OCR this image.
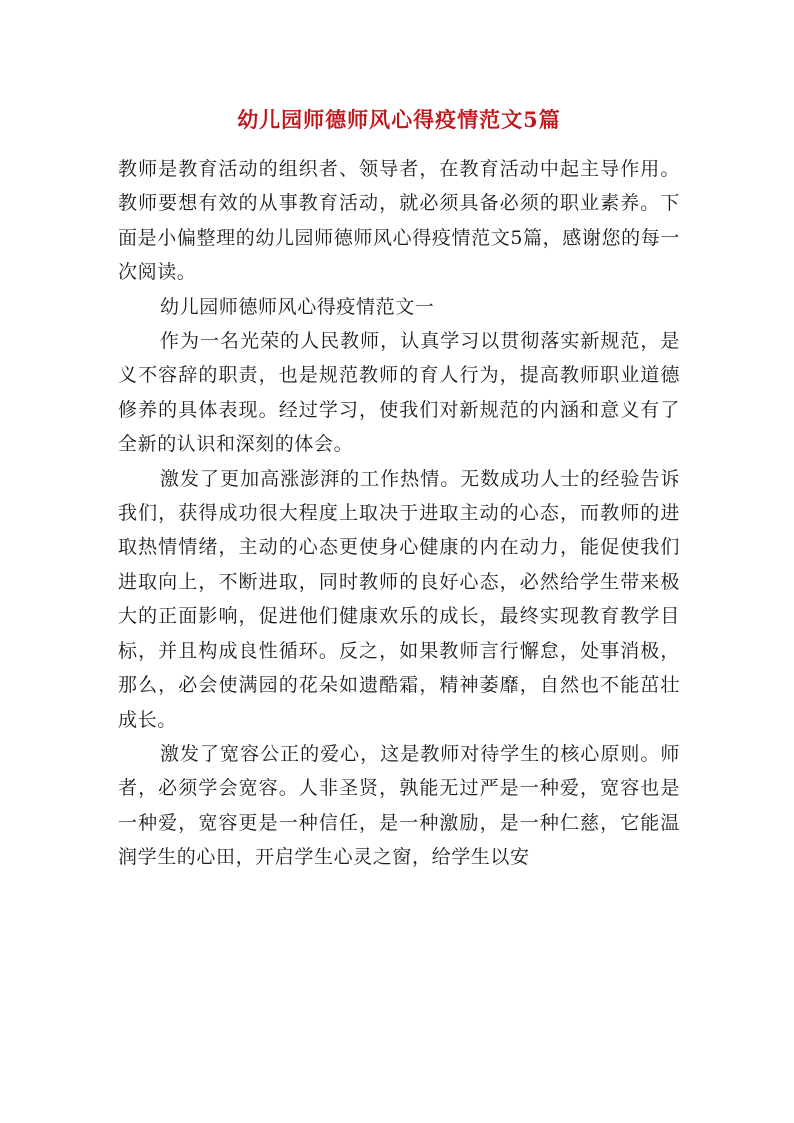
幼儿园师德师风心得疫情范文5篇

教师是教育活动的组织者、领导者，在教育活动中起主导作用。教师要想有效的从事教育活动，就必须具备必须的职业素养。下面是小偏整理的幼儿园师德师风心得疫情范文5篇，感谢您的每一次阅读。

幼儿园师德师风心得疫情范文一

作为一名光荣的人民教师，认真学习以贯彻落实新规范，是义不容辞的职责，也是规范教师的育人行为，提高教师职业道德修养的具体表现。经过学习，使我们对新规范的内涵和意义有了全新的认识和深刻的体会。

激发了更加高涨澎湃的工作热情。无数成功人士的经验告诉我们，获得成功很大程度上取决于进取主动的心态，而教师的进取热情情绪，主动的心态更使身心健康的内在动力，能促使我们进取向上，不断进取，同时教师的良好心态，必然给学生带来极大的正面影响，促进他们健康欢乐的成长，最终实现教育教学目标，并且构成良性循环。反之，如果教师言行懈怠，处事消极，那么，必会使满园的花朵如遗酷霜，精神萎靡，自然也不能茁壮成长。

激发了宽容公正的爱心，这是教师对待学生的核心原则。师者，必须学会宽容。人非圣贤，孰能无过严是一种爱，宽容也是一种爱，宽容更是一种信任，是一种激励，是一种仁慈，它能温润学生的心田，开启学生心灵之窗，给学生以安
